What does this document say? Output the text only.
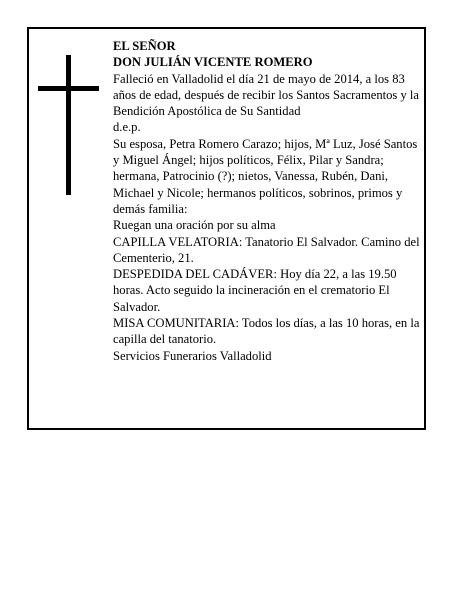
EL SEÑOR

DON JULIÁN VICENTE ROMERO

Falleció en Valladolid el día 21 de mayo de 2014, a los 83 años de edad, después de recibir los Santos Sacramentos y la Bendición Apostólica de Su Santidad

d.e.p.

Su esposa, Petra Romero Carazo; hijos, Mª Luz, José Santos y Miguel Ángel; hijos políticos, Félix, Pilar y Sandra; hermana, Patrocinio (?); nietos, Vanessa, Rubén, Dani, Michael y Nicole; hermanos políticos, sobrinos, primos y demás familia:

Ruegan una oración por su alma

CAPILLA VELATORIA: Tanatorio El Salvador. Camino del Cementerio, 21.

DESPEDIDA DEL CADÁVER: Hoy día 22, a las 19.50 horas. Acto seguido la incineración en el crematorio El Salvador.

MISA COMUNITARIA: Todos los días, a las 10 horas, en la capilla del tanatorio.

Servicios Funerarios Valladolid
